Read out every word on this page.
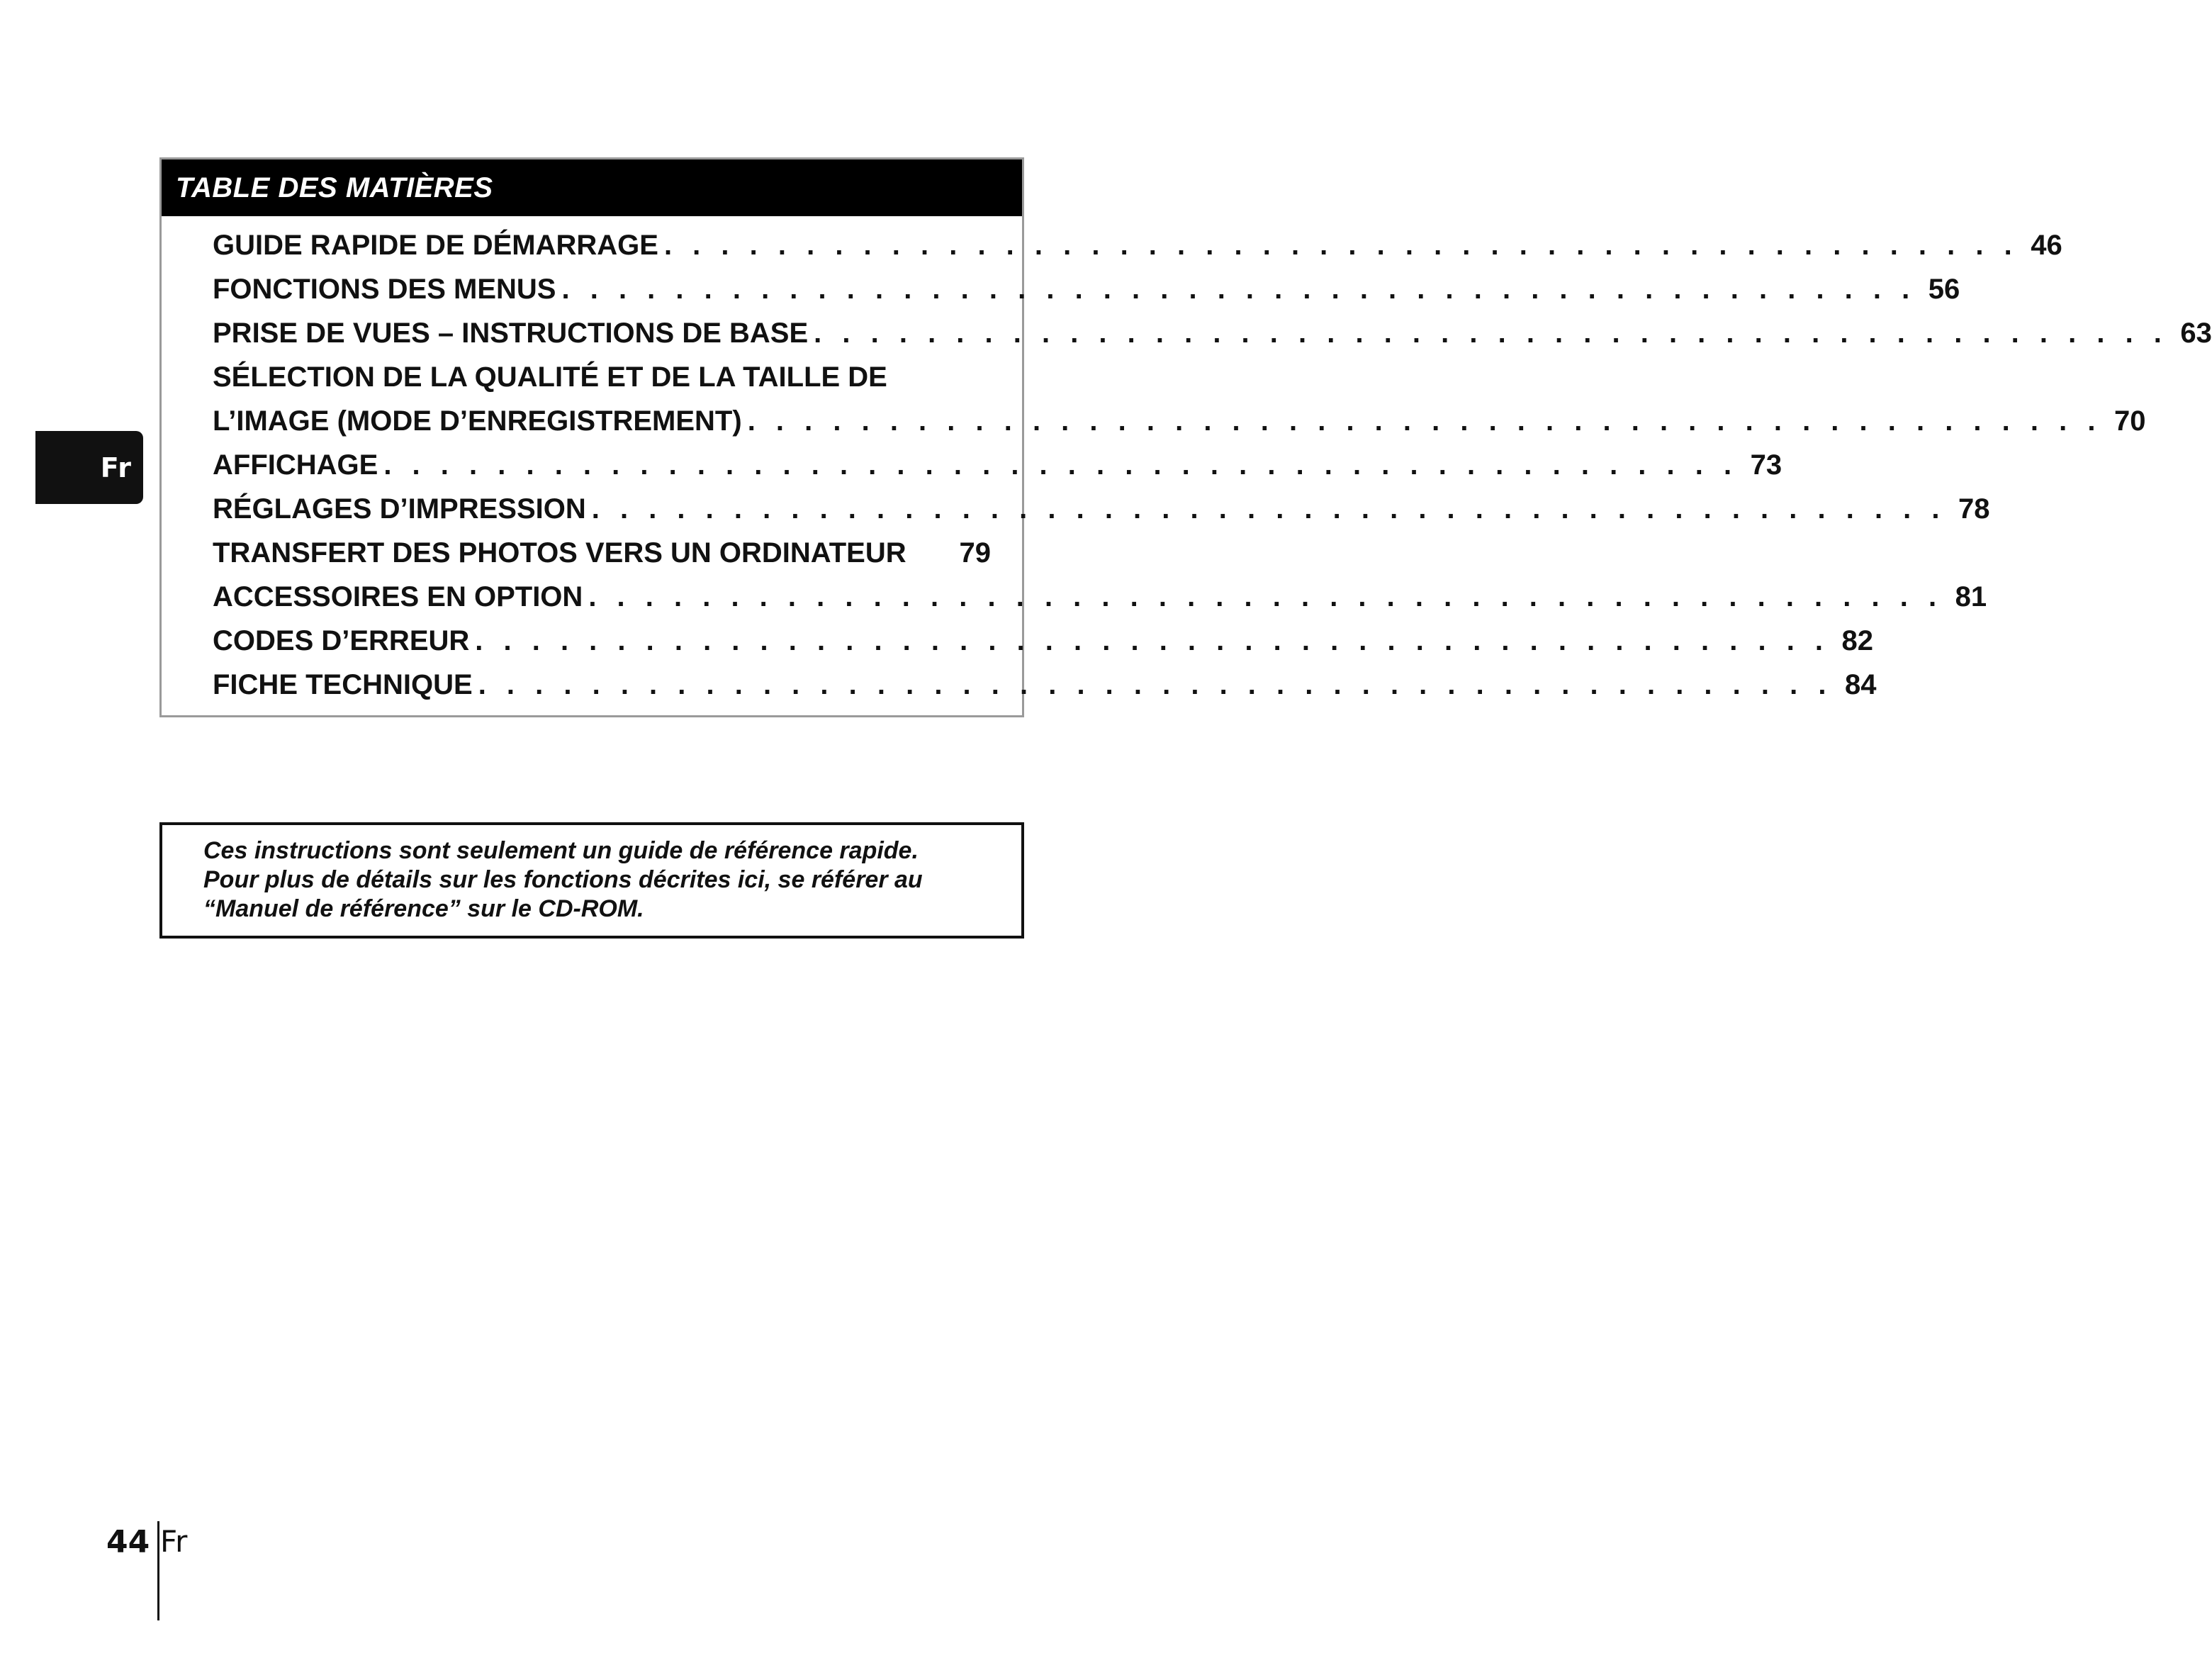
Fr
TABLE DES MATIÈRES
GUIDE RAPIDE DE DÉMARRAGE . . . . . . . . . . . . . . . . . . . . . . . . . . . . . . . . . . . . . . . . . . . . . . . . 46
FONCTIONS DES MENUS . . . . . . . . . . . . . . . . . . . . . . . . . . . . . . . . . . . . . . . . . . . . . . . . 56
PRISE DE VUES – INSTRUCTIONS DE BASE . . . . . . . . . . . . . . . . . . . . . . . . . . . . . . . . . . . . . . . . . . . . . . . . 63
SÉLECTION DE LA QUALITÉ ET DE LA TAILLE DE
L’IMAGE (MODE D’ENREGISTREMENT) . . . . . . . . . . . . . . . . . . . . . . . . . . . . . . . . . . . . . . . . . . . . . . . . 70
AFFICHAGE . . . . . . . . . . . . . . . . . . . . . . . . . . . . . . . . . . . . . . . . . . . . . . . . 73
RÉGLAGES D’IMPRESSION . . . . . . . . . . . . . . . . . . . . . . . . . . . . . . . . . . . . . . . . . . . . . . . . 78
TRANSFERT DES PHOTOS VERS UN ORDINATEUR 79
ACCESSOIRES EN OPTION . . . . . . . . . . . . . . . . . . . . . . . . . . . . . . . . . . . . . . . . . . . . . . . . 81
CODES D’ERREUR . . . . . . . . . . . . . . . . . . . . . . . . . . . . . . . . . . . . . . . . . . . . . . . . 82
FICHE TECHNIQUE . . . . . . . . . . . . . . . . . . . . . . . . . . . . . . . . . . . . . . . . . . . . . . . . 84

Ces instructions sont seulement un guide de référence rapide.

Pour plus de détails sur les fonctions décrites ici, se référer au

“Manuel de référence” sur le CD-ROM.

44 Fr
